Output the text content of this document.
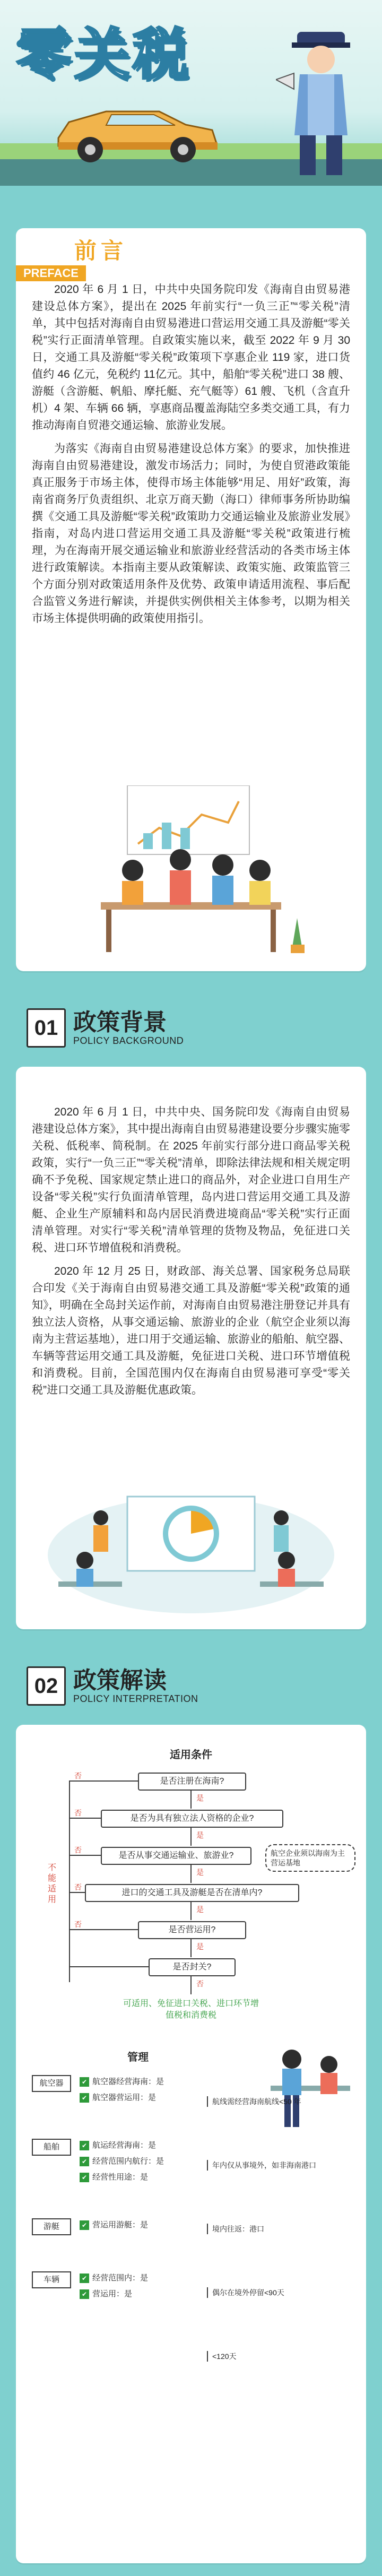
零关税
前言
PREFACE

2020 年 6 月 1 日，中共中央国务院印发《海南自由贸易港建设总体方案》，提出在 2025 年前实行“一负三正”“零关税”清单，其中包括对海南自由贸易港进口营运用交通工具及游艇“零关税”实行正面清单管理。自政策实施以来，截至 2022 年 9 月 30 日，交通工具及游艇“零关税”政策项下享惠企业 119 家，进口货值约 46 亿元，免税约 11亿元。其中，船舶“零关税”进口 38 艘、游艇（含游艇、帆船、摩托艇、充气艇等）61 艘、飞机（含直升机）4 架、车辆 66 辆，享惠商品覆盖海陆空多类交通工具，有力推动海南自贸港交通运输、旅游业发展。

为落实《海南自由贸易港建设总体方案》的要求，加快推进海南自由贸易港建设，激发市场活力；同时，为使自贸港政策能真正服务于市场主体，使得市场主体能够“用足、用好”政策，海南省商务厅负责组织、北京万商天勤（海口）律师事务所协助编撰《交通工具及游艇“零关税”政策助力交通运输业及旅游业发展》指南，对岛内进口营运用交通工具及游艇“零关税”政策进行梳理，为在海南开展交通运输业和旅游业经营活动的各类市场主体进行政策解读。本指南主要从政策解读、政策实施、政策监管三个方面分别对政策适用条件及优势、政策申请适用流程、事后配合监管义务进行解读，并提供实例供相关主体参考，以期为相关市场主体提供明确的政策使用指引。

01 政策背景
POLICY BACKGROUND

2020 年 6 月 1 日，中共中央、国务院印发《海南自由贸易港建设总体方案》，其中提出海南自由贸易港建设要分步骤实施零关税、低税率、简税制。在 2025 年前实行部分进口商品零关税政策，实行“一负三正”“零关税”清单，即除法律法规和相关规定明确不予免税、国家规定禁止进口的商品外，对企业进口自用生产设备“零关税”实行负面清单管理，岛内进口营运用交通工具及游艇、企业生产原辅料和岛内居民消费进境商品“零关税”实行正面清单管理。对实行“零关税”清单管理的货物及物品，免征进口关税、进口环节增值税和消费税。

2020 年 12 月 25 日，财政部、海关总署、国家税务总局联合印发《关于海南自由贸易港交通工具及游艇“零关税”政策的通知》，明确在全岛封关运作前，对海南自由贸易港注册登记并具有独立法人资格，从事交通运输、旅游业的企业（航空企业须以海南为主营运基地），进口用于交通运输、旅游业的船舶、航空器、车辆等营运用交通工具及游艇，免征进口关税、进口环节增值税和消费税。目前，全国范围内仅在海南自由贸易港可享受“零关税”进口交通工具及游艇优惠政策。

02 政策解读
POLICY INTERPRETATION
适用条件
是否注册在海南?
是否为具有独立法人资格的企业?
是否从事交通运输业、旅游业?
进口的交通工具及游艇是否在清单内?
是否营运用?
是否封关?
航空企业须以海南为主营运基地
不能适用
否
否
否
否
否
否
是
是
是
是
是
可适用、免征进口关税、进口环节增值税和消费税
管理
航空器	✔ 航空器经营海南：是
✔ 航空器营运用：是
船舶	✔ 航运经营海南：是
✔ 经营范围内航行：是
✔ 经营性用途：是
游艇	✔ 营运用游艇：是
车辆	✔ 经营范围内：是
✔ 营运用：是
航线需经营海南航线<50 年
年内仅从事境外，如非海南港口
境内往返：港口
偶尔在境外停留<90天
<120天
